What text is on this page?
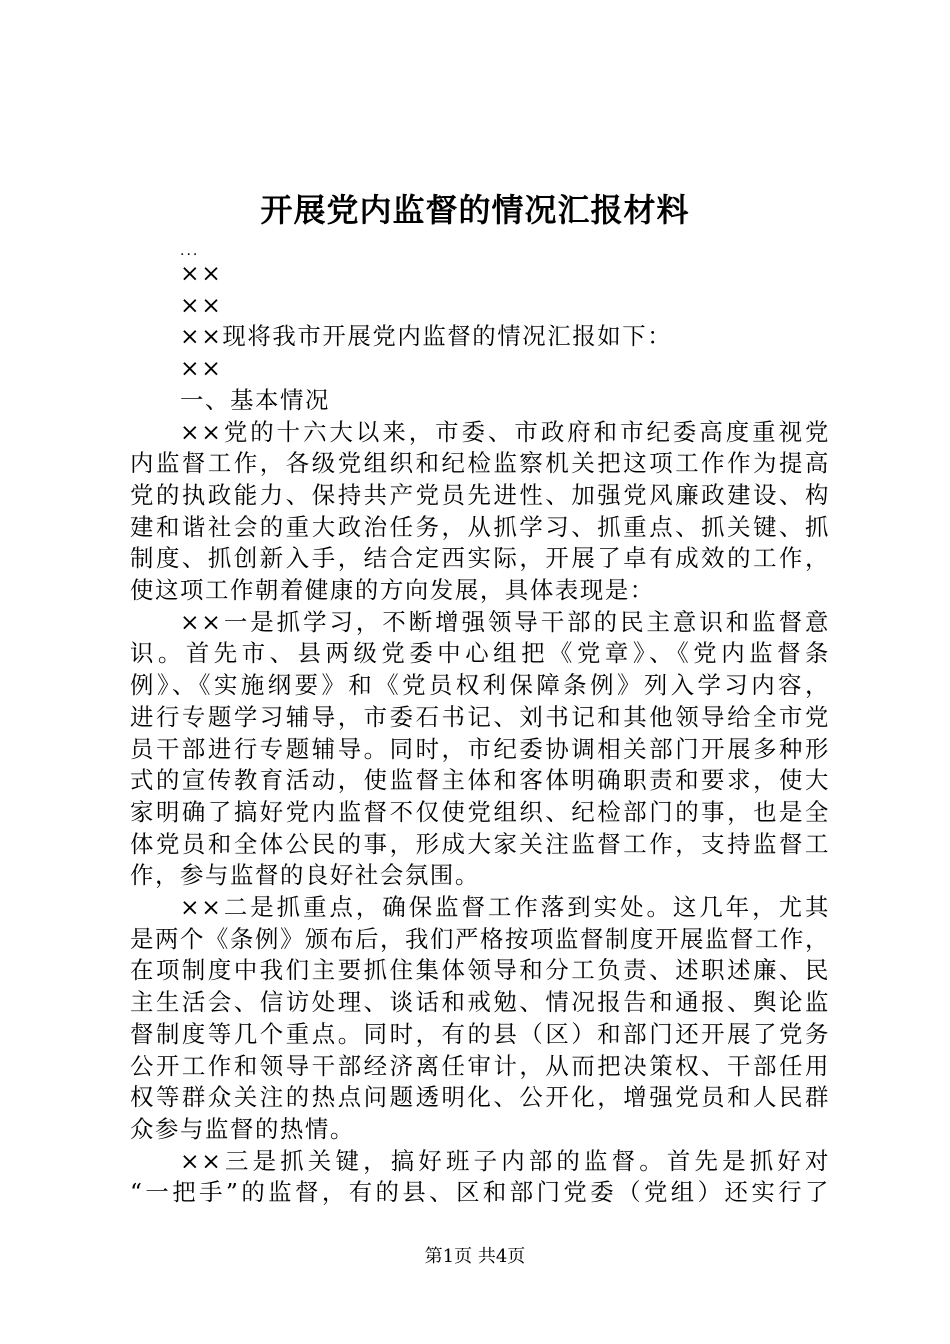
开展党内监督的情况汇报材料

...

××

××

××现将我市开展党内监督的情况汇报如下：

××

一、基本情况

××党的十六大以来，市委、市政府和市纪委高度重视党

内监督工作，各级党组织和纪检监察机关把这项工作作为提高

党的执政能力、保持共产党员先进性、加强党风廉政建设、构

建和谐社会的重大政治任务，从抓学习、抓重点、抓关键、抓

制度、抓创新入手，结合定西实际，开展了卓有成效的工作，

使这项工作朝着健康的方向发展，具体表现是：

××一是抓学习，不断增强领导干部的民主意识和监督意

识。首先市、县两级党委中心组把《党章》、《党内监督条

例》、《实施纲要》和《党员权利保障条例》列入学习内容，

进行专题学习辅导，市委石书记、刘书记和其他领导给全市党

员干部进行专题辅导。同时，市纪委协调相关部门开展多种形

式的宣传教育活动，使监督主体和客体明确职责和要求，使大

家明确了搞好党内监督不仅使党组织、纪检部门的事，也是全

体党员和全体公民的事，形成大家关注监督工作，支持监督工

作，参与监督的良好社会氛围。

××二是抓重点，确保监督工作落到实处。这几年，尤其

是两个《条例》颁布后，我们严格按项监督制度开展监督工作，

在项制度中我们主要抓住集体领导和分工负责、述职述廉、民

主生活会、信访处理、谈话和戒勉、情况报告和通报、舆论监

督制度等几个重点。同时，有的县（区）和部门还开展了党务

公开工作和领导干部经济离任审计，从而把决策权、干部任用

权等群众关注的热点问题透明化、公开化，增强党员和人民群

众参与监督的热情。

××三是抓关键，搞好班子内部的监督。首先是抓好对

“一把手”的监督，有的县、区和部门党委（党组）还实行了

第1页 共4页
